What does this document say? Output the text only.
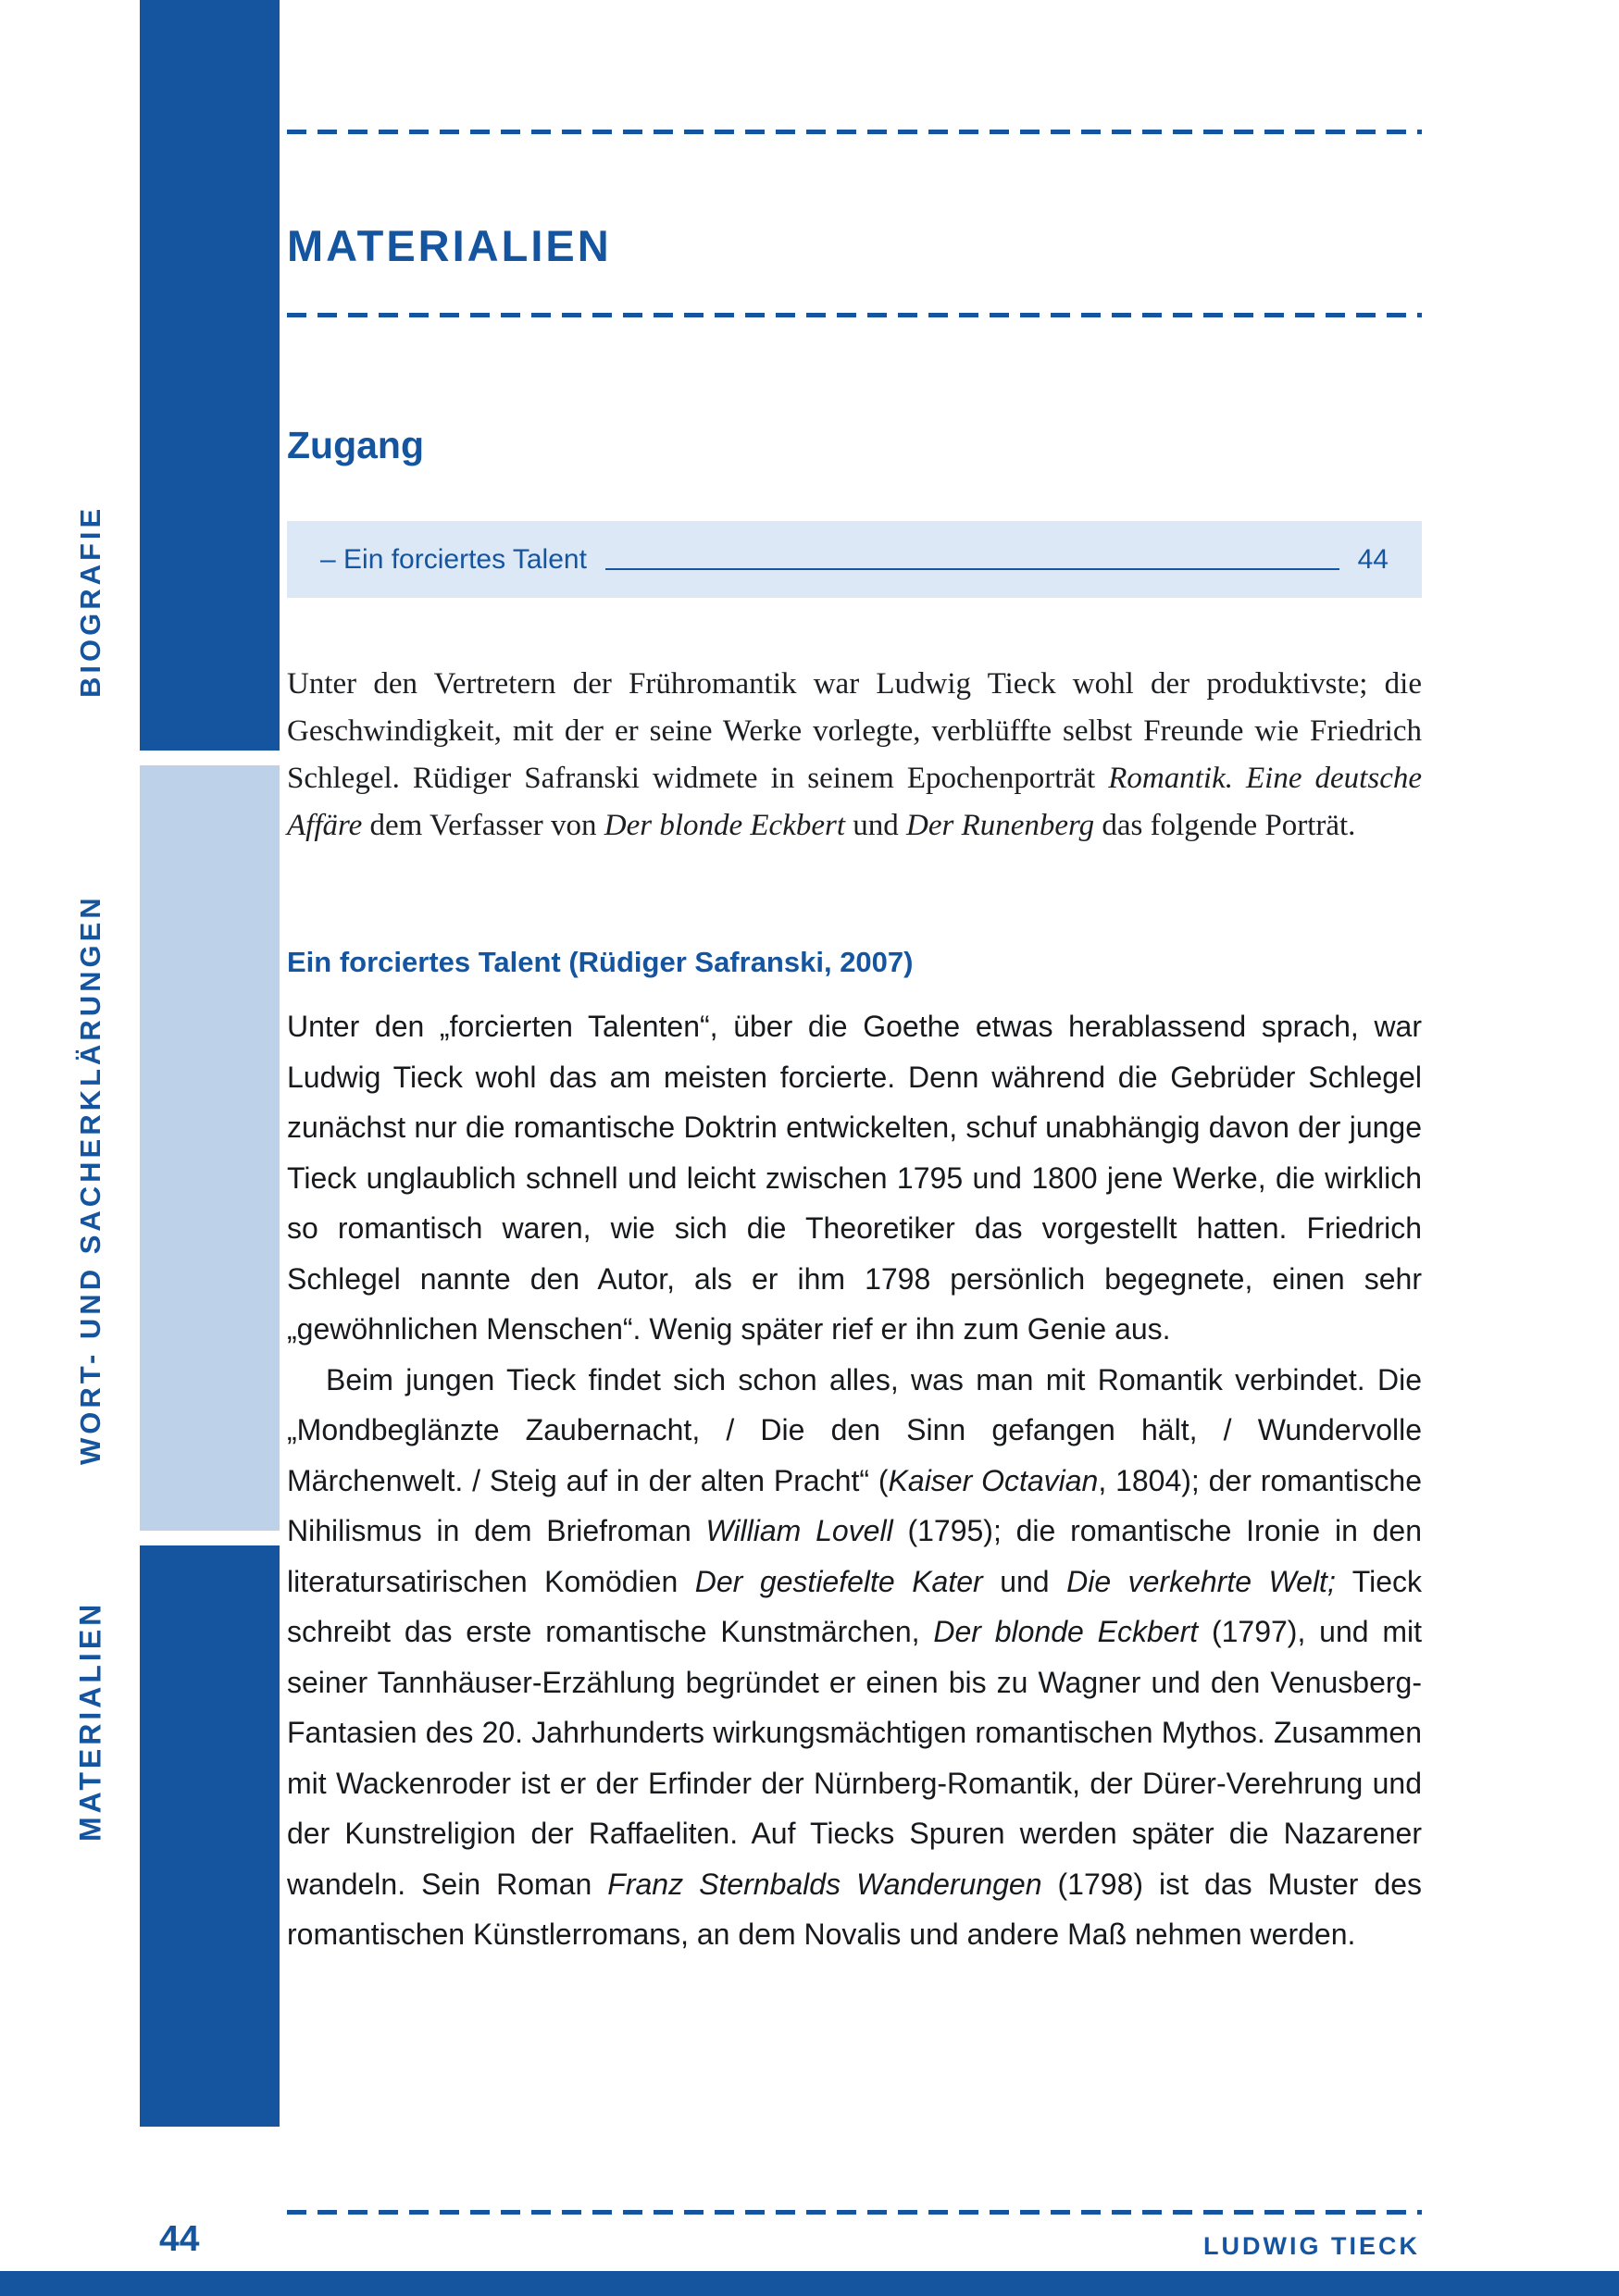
BIOGRAFIE
WORT- UND SACHERKLÄRUNGEN
MATERIALIEN
MATERIALIEN
Zugang
– Ein forciertes Talent	44

Unter den Vertretern der Frühromantik war Ludwig Tieck wohl der produktivste; die Geschwindigkeit, mit der er seine Werke vorlegte, verblüffte selbst Freunde wie Friedrich Schlegel. Rüdiger Safranski widmete in seinem Epochenporträt Romantik. Eine deutsche Affäre dem Verfasser von Der blonde Eckbert und Der Runenberg das folgende Porträt.

Ein forciertes Talent (Rüdiger Safranski, 2007)

Unter den „forcierten Talenten“, über die Goethe etwas herablassend sprach, war Ludwig Tieck wohl das am meisten forcierte. Denn während die Gebrüder Schlegel zunächst nur die romantische Doktrin entwickelten, schuf unabhängig davon der junge Tieck unglaublich schnell und leicht zwischen 1795 und 1800 jene Werke, die wirklich so romantisch waren, wie sich die Theoretiker das vorgestellt hatten. Friedrich Schlegel nannte den Autor, als er ihm 1798 persönlich begegnete, einen sehr „gewöhnlichen Menschen“. Wenig später rief er ihn zum Genie aus.

Beim jungen Tieck findet sich schon alles, was man mit Romantik verbindet. Die „Mondbeglänzte Zaubernacht, / Die den Sinn gefangen hält, / Wundervolle Märchenwelt. / Steig auf in der alten Pracht“ (Kaiser Octavian, 1804); der romantische Nihilismus in dem Briefroman William Lovell (1795); die romantische Ironie in den literatursatirischen Komödien Der gestiefelte Kater und Die verkehrte Welt; Tieck schreibt das erste romantische Kunstmärchen, Der blonde Eckbert (1797), und mit seiner Tannhäuser-Erzählung begründet er einen bis zu Wagner und den Venusberg-Fantasien des 20. Jahrhunderts wirkungsmächtigen romantischen Mythos. Zusammen mit Wackenroder ist er der Erfinder der Nürnberg-Romantik, der Dürer-Verehrung und der Kunstreligion der Raffaeliten. Auf Tiecks Spuren werden später die Nazarener wandeln. Sein Roman Franz Sternbalds Wanderungen (1798) ist das Muster des romantischen Künstlerromans, an dem Novalis und andere Maß nehmen werden.

44	LUDWIG TIECK
